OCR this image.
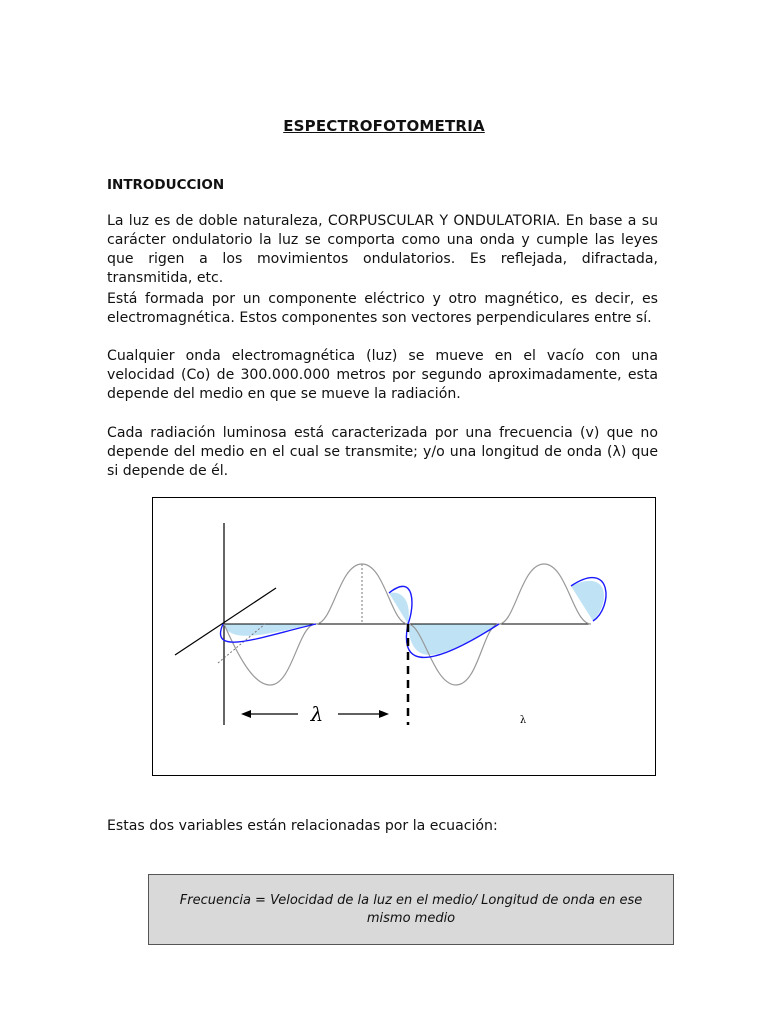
ESPECTROFOTOMETRIA
INTRODUCCION
La luz es de doble naturaleza, CORPUSCULAR Y ONDULATORIA. En base a su carácter ondulatorio la luz se comporta como una onda y cumple las leyes que rigen a los movimientos ondulatorios. Es reflejada, difractada, transmitida, etc.
Está formada por un componente eléctrico y otro magnético, es decir, es electromagnética. Estos componentes son vectores perpendiculares entre sí.
Cualquier onda electromagnética (luz) se mueve en el vacío con una velocidad (Co) de 300.000.000 metros por segundo aproximadamente, esta depende del medio en que se mueve la radiación.
Cada radiación luminosa está caracterizada por una frecuencia (v) que no depende del medio en el cual se transmite; y/o una longitud de onda (λ) que si depende de él.
λ	λ
Estas dos variables están relacionadas por la ecuación:
Frecuencia = Velocidad de la luz en el medio/ Longitud de onda en ese mismo medio
